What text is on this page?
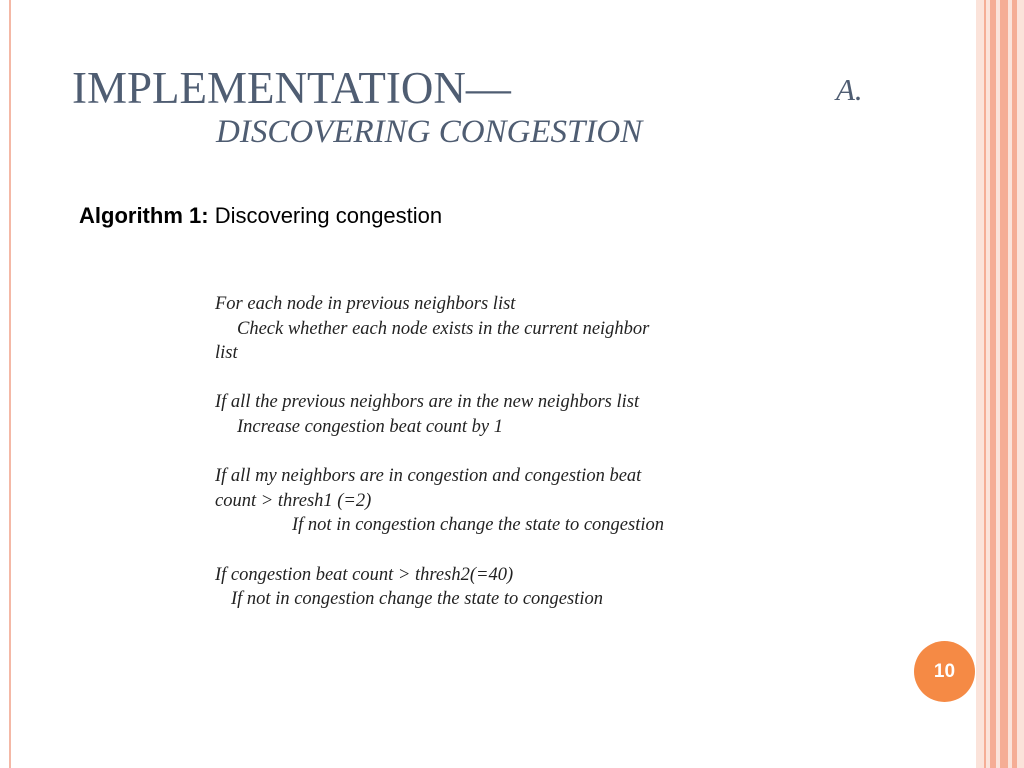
IMPLEMENTATION—	A.
DISCOVERING CONGESTION
Algorithm 1: Discovering congestion
For each node in previous neighbors list
Check whether each node exists in the current neighbor
list
If all the previous neighbors are in the new neighbors list
Increase congestion beat count by 1
If all my neighbors are in congestion and congestion beat
count > thresh1 (=2)
If not in congestion change the state to congestion
If congestion beat count > thresh2(=40)
If not in congestion change the state to congestion
10
